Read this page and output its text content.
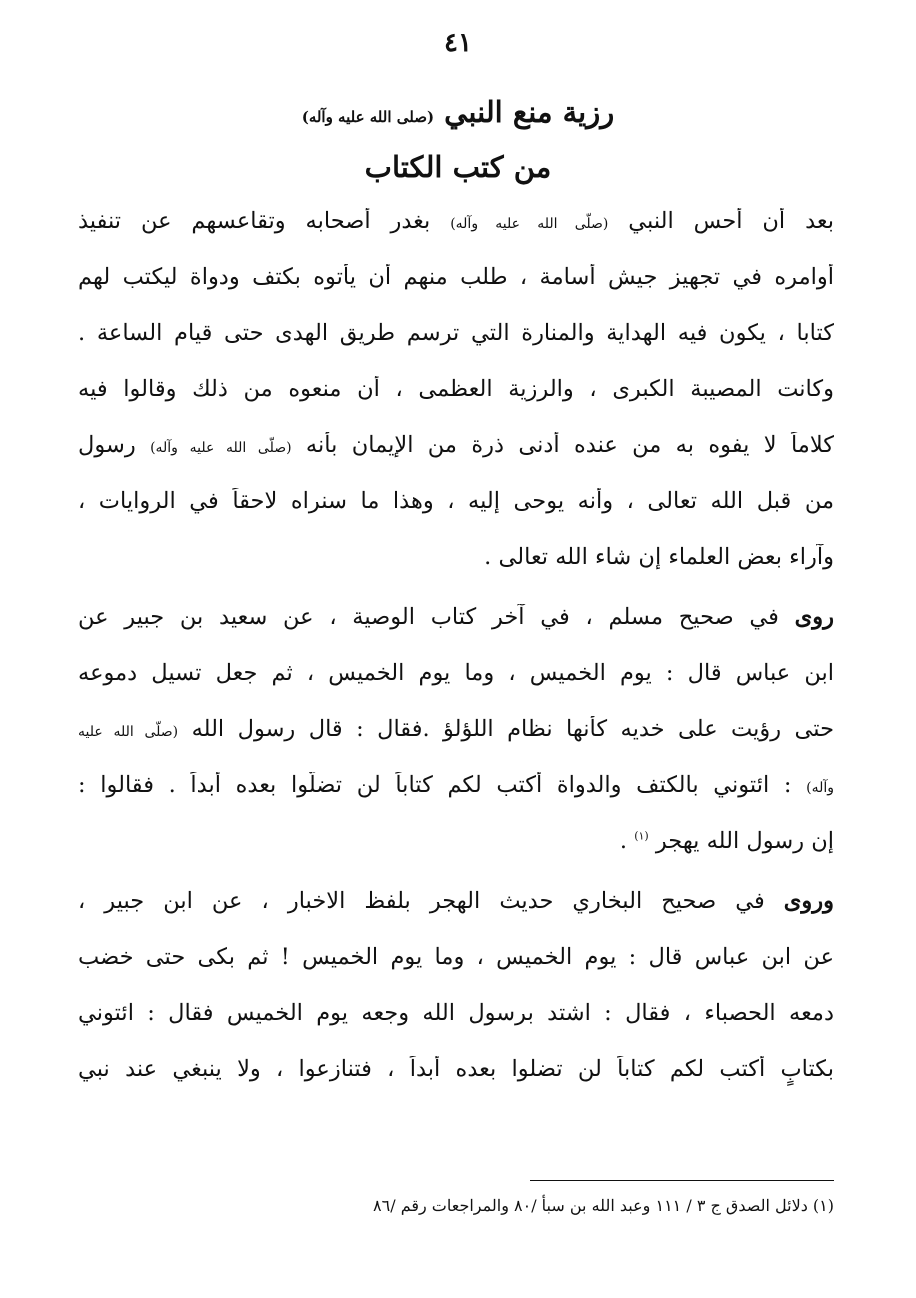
٤١
رزية منع النبي (صلى الله عليه وآله)
من كتب الكتاب
بعد أن أحس النبي (صلّى الله عليه وآله) بغدر أصحابه وتقاعسهم عن تنفيذ
أوامره في تجهيز جيش أسامة ، طلب منهم أن يأتوه بكتف ودواة ليكتب لهم
كتابا ، يكون فيه الهداية والمنارة التي ترسم طريق الهدى حتى قيام الساعة .
وكانت المصيبة الكبرى ، والرزية العظمى ، أن منعوه من ذلك وقالوا فيه
كلاماً لا يفوه به من عنده أدنى ذرة من الإيمان بأنه (صلّى الله عليه وآله) رسول
من قبل الله تعالى ، وأنه يوحى إليه ، وهذا ما سنراه لاحقاً في الروايات ،
وآراء بعض العلماء إن شاء الله تعالى .
روى في صحيح مسلم ، في آخر كتاب الوصية ، عن سعيد بن جبير عن
ابن عباس قال : يوم الخميس ، وما يوم الخميس ، ثم جعل تسيل دموعه
حتى رؤيت على خديه كأنها نظام اللؤلؤ .فقال : قال رسول الله (صلّى الله عليه
وآله) : ائتوني بالكتف والدواة أكتب لكم كتاباً لن تضلّوا بعده أبداً . فقالوا :
إن رسول الله يهجر $^{(١)}$ .
وروى في صحيح البخاري حديث الهجر بلفظ الاخبار ، عن ابن جبير ،
عن ابن عباس قال : يوم الخميس ، وما يوم الخميس ! ثم بكى حتى خضب
دمعه الحصباء ، فقال : اشتد برسول الله وجعه يوم الخميس فقال : ائتوني
بكتابٍ أكتب لكم كتاباً لن تضلوا بعده أبداً ، فتنازعوا ، ولا ينبغي عند نبي
(١) دلائل الصدق ج ٣ / ١١١ وعبد الله بن سبأ /٨٠ والمراجعات رقم /٨٦
